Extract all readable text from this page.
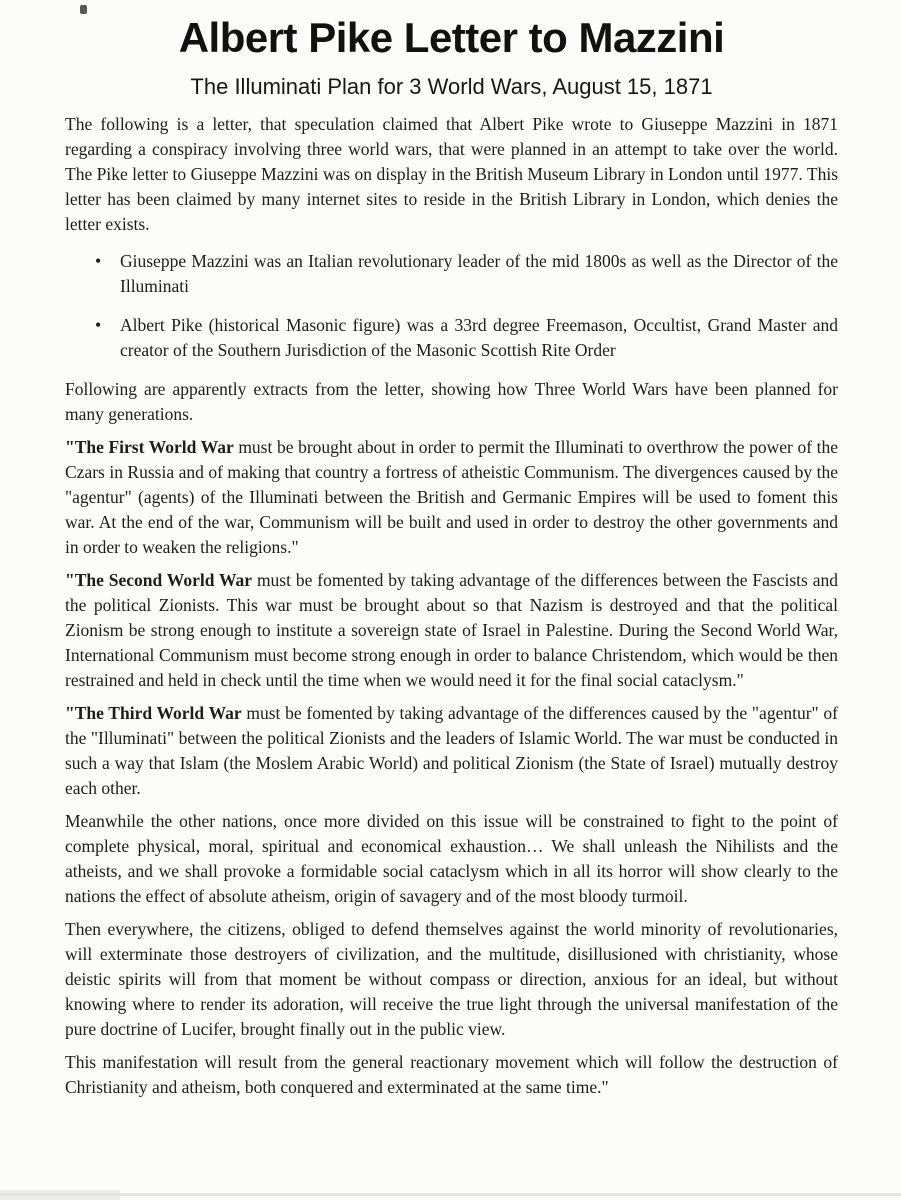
Albert Pike Letter to Mazzini
The Illuminati Plan for 3 World Wars, August 15, 1871

The following is a letter, that speculation claimed that Albert Pike wrote to Giuseppe Mazzini in 1871 regarding a conspiracy involving three world wars, that were planned in an attempt to take over the world. The Pike letter to Giuseppe Mazzini was on display in the British Museum Library in London until 1977. This letter has been claimed by many internet sites to reside in the British Library in London, which denies the letter exists.

•	Giuseppe Mazzini was an Italian revolutionary leader of the mid 1800s as well as the Director of the Illuminati
•	Albert Pike (historical Masonic figure) was a 33rd degree Freemason, Occultist, Grand Master and creator of the Southern Jurisdiction of the Masonic Scottish Rite Order

Following are apparently extracts from the letter, showing how Three World Wars have been planned for many generations.

"The First World War must be brought about in order to permit the Illuminati to overthrow the power of the Czars in Russia and of making that country a fortress of atheistic Communism. The divergences caused by the "agentur" (agents) of the Illuminati between the British and Germanic Empires will be used to foment this war. At the end of the war, Communism will be built and used in order to destroy the other governments and in order to weaken the religions."

"The Second World War must be fomented by taking advantage of the differences between the Fascists and the political Zionists. This war must be brought about so that Nazism is destroyed and that the political Zionism be strong enough to institute a sovereign state of Israel in Palestine. During the Second World War, International Communism must become strong enough in order to balance Christendom, which would be then restrained and held in check until the time when we would need it for the final social cataclysm."

"The Third World War must be fomented by taking advantage of the differences caused by the "agentur" of the "Illuminati" between the political Zionists and the leaders of Islamic World. The war must be conducted in such a way that Islam (the Moslem Arabic World) and political Zionism (the State of Israel) mutually destroy each other.

Meanwhile the other nations, once more divided on this issue will be constrained to fight to the point of complete physical, moral, spiritual and economical exhaustion… We shall unleash the Nihilists and the atheists, and we shall provoke a formidable social cataclysm which in all its horror will show clearly to the nations the effect of absolute atheism, origin of savagery and of the most bloody turmoil.

Then everywhere, the citizens, obliged to defend themselves against the world minority of revolutionaries, will exterminate those destroyers of civilization, and the multitude, disillusioned with christianity, whose deistic spirits will from that moment be without compass or direction, anxious for an ideal, but without knowing where to render its adoration, will receive the true light through the universal manifestation of the pure doctrine of Lucifer, brought finally out in the public view.

This manifestation will result from the general reactionary movement which will follow the destruction of Christianity and atheism, both conquered and exterminated at the same time."
